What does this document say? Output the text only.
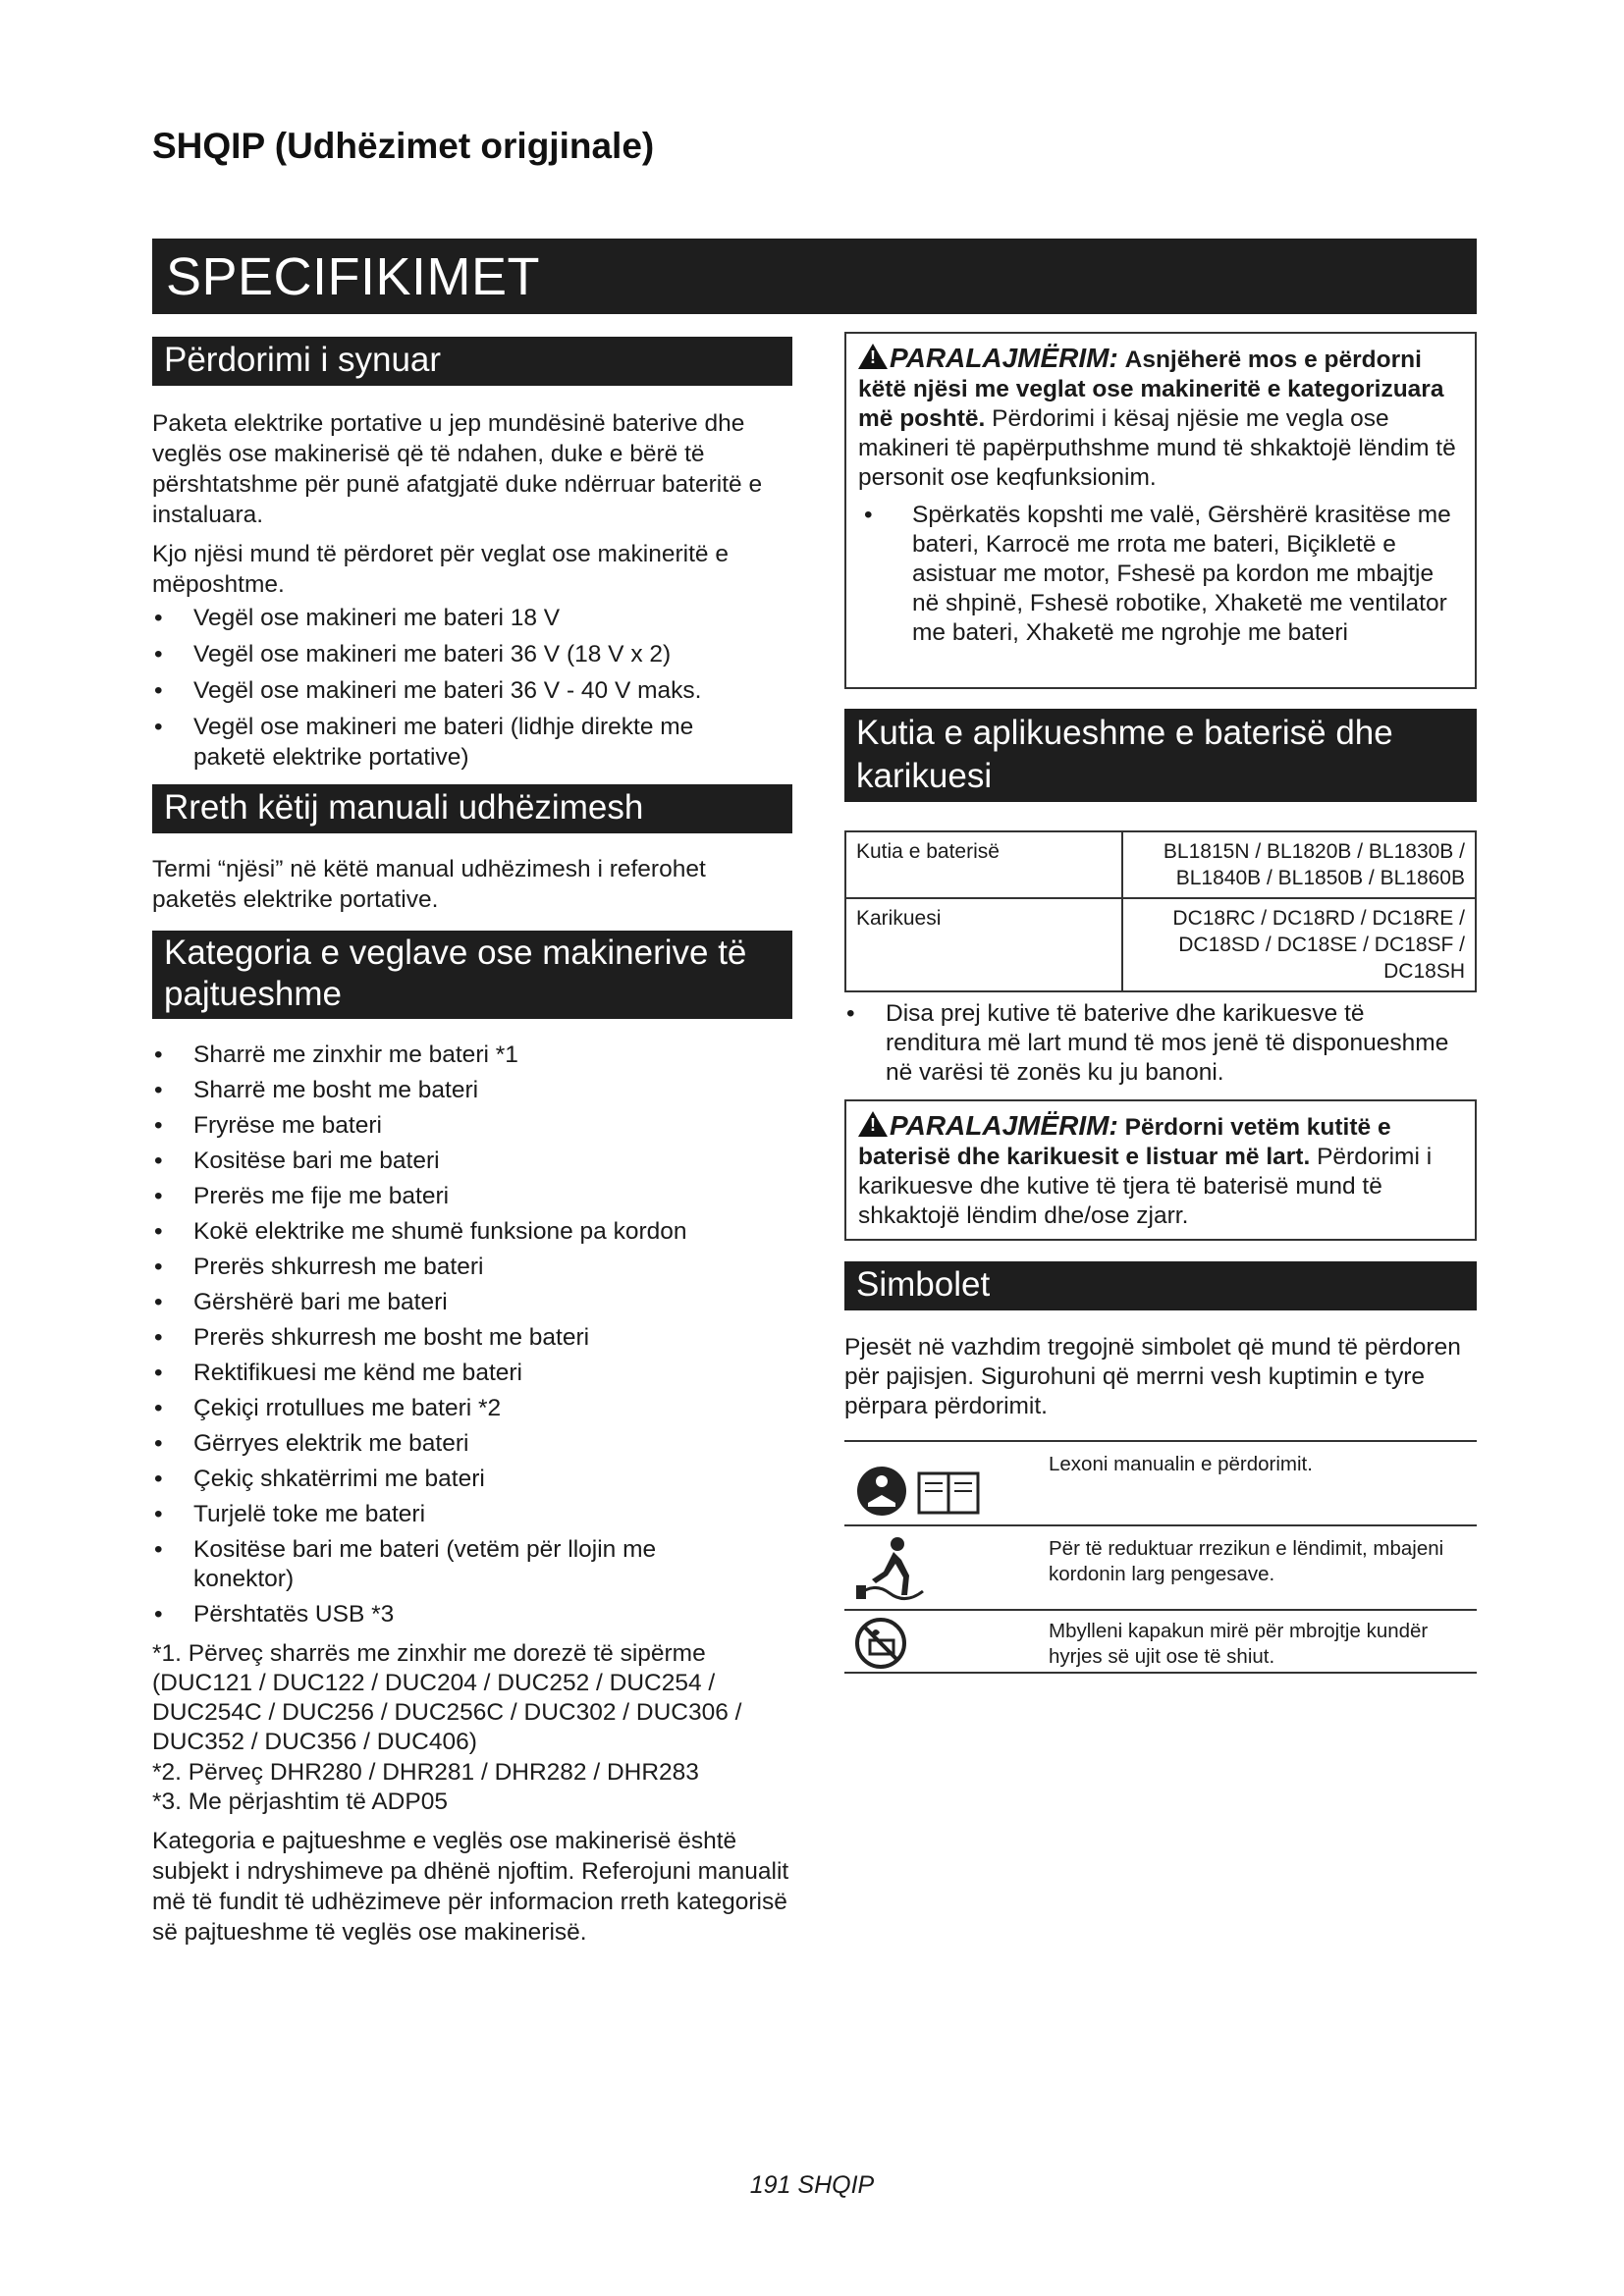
SHQIP (Udhëzimet origjinale)
SPECIFIKIMET
Përdorimi i synuar
Paketa elektrike portative u jep mundësinë baterive dhe veglës ose makinerisë që të ndahen, duke e bërë të përshtatshme për punë afatgjatë duke ndërruar bateritë e instaluara.
Kjo njësi mund të përdoret për veglat ose makineritë e mëposhtme.
• Vegël ose makineri me bateri 18 V
• Vegël ose makineri me bateri 36 V (18 V x 2)
• Vegël ose makineri me bateri 36 V - 40 V maks.
• Vegël ose makineri me bateri (lidhje direkte me paketë elektrike portative)
Rreth këtij manuali udhëzimesh
Termi “njësi” në këtë manual udhëzimesh i referohet paketës elektrike portative.
Kategoria e veglave ose makinerive të pajtueshme
• Sharrë me zinxhir me bateri *1
• Sharrë me bosht me bateri
• Fryrëse me bateri
• Kositëse bari me bateri
• Prerës me fije me bateri
• Kokë elektrike me shumë funksione pa kordon
• Prerës shkurresh me bateri
• Gërshërë bari me bateri
• Prerës shkurresh me bosht me bateri
• Rektifikuesi me kënd me bateri
• Çekiçi rrotullues me bateri *2
• Gërryes elektrik me bateri
• Çekiç shkatërrimi me bateri
• Turjelë toke me bateri
• Kositëse bari me bateri (vetëm për llojin me konektor)
• Përshtatës USB *3
*1. Përveç sharrës me zinxhir me dorezë të sipërme (DUC121 / DUC122 / DUC204 / DUC252 / DUC254 / DUC254C / DUC256 / DUC256C / DUC302 / DUC306 / DUC352 / DUC356 / DUC406)
*2. Përveç DHR280 / DHR281 / DHR282 / DHR283
*3. Me përjashtim të ADP05
Kategoria e pajtueshme e veglës ose makinerisë është subjekt i ndryshimeve pa dhënë njoftim. Referojuni manualit më të fundit të udhëzimeve për informacion rreth kategorisë së pajtueshme të veglës ose makinerisë.
!PARALAJMËRIM: Asnjëherë mos e përdorni këtë njësi me veglat ose makineritë e kategorizuara më poshtë. Përdorimi i kësaj njësie me vegla ose makineri të papërputhshme mund të shkaktojë lëndim të personit ose keqfunksionim.
• Spërkatës kopshti me valë, Gërshërë krasitëse me bateri, Karrocë me rrota me bateri, Biçikletë e asistuar me motor, Fshesë pa kordon me mbajtje në shpinë, Fshesë robotike, Xhaketë me ventilator me bateri, Xhaketë me ngrohje me bateri
Kutia e aplikueshme e baterisë dhe karikuesi
Kutia e baterisë	BL1815N / BL1820B / BL1830B / BL1840B / BL1850B / BL1860B
Karikuesi	DC18RC / DC18RD / DC18RE / DC18SD / DC18SE / DC18SF / DC18SH
• Disa prej kutive të baterive dhe karikuesve të renditura më lart mund të mos jenë të disponueshme në varësi të zonës ku ju banoni.
!PARALAJMËRIM: Përdorni vetëm kutitë e baterisë dhe karikuesit e listuar më lart. Përdorimi i karikuesve dhe kutive të tjera të baterisë mund të shkaktojë lëndim dhe/ose zjarr.
Simbolet
Pjesët në vazhdim tregojnë simbolet që mund të përdoren për pajisjen. Sigurohuni që merrni vesh kuptimin e tyre përpara përdorimit.
Lexoni manualin e përdorimit.
Për të reduktuar rrezikun e lëndimit, mbajeni kordonin larg pengesave.
Mbylleni kapakun mirë për mbrojtje kundër hyrjes së ujit ose të shiut.
191 SHQIP
